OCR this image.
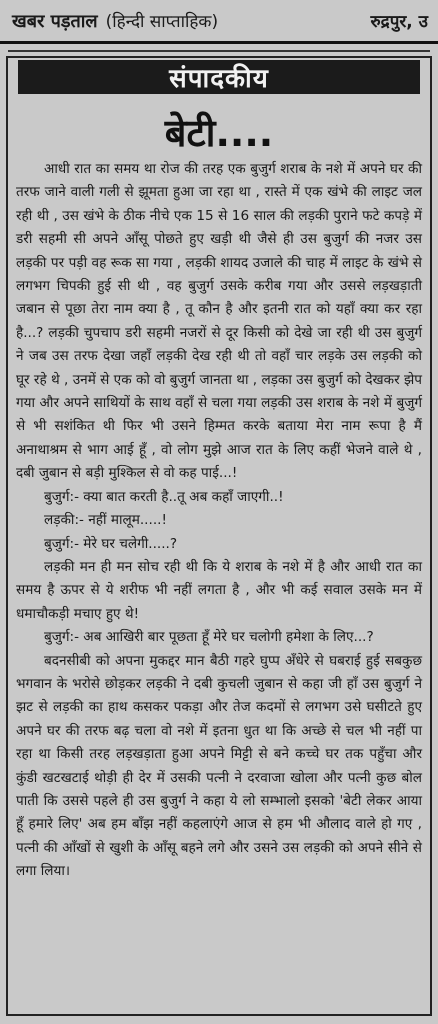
खबर पड़ताल (हिन्दी साप्ताहिक)	रुद्रपुर, उ
संपादकीय
बेटी....

आधी रात का समय था रोज की तरह एक बुजुर्ग शराब के नशे में अपने घर की तरफ जाने वाली गली से झूमता हुआ जा रहा था , रास्ते में एक खंभे की लाइट जल रही थी , उस खंभे के ठीक नीचे एक 15 से 16 साल की लड़की पुराने फटे कपड़े में डरी सहमी सी अपने आँसू पोछते हुए खड़ी थी जैसे ही उस बुजुर्ग की नजर उस लड़की पर पड़ी वह रूक सा गया , लड़की शायद उजाले की चाह में लाइट के खंभे से लगभग चिपकी हुई सी थी , वह बुजुर्ग उसके करीब गया और उससे लड़खड़ाती जबान से पूछा तेरा नाम क्या है , तू कौन है और इतनी रात को यहाँ क्या कर रहा है...? लड़की चुपचाप डरी सहमी नजरों से दूर किसी को देखे जा रही थी उस बुजुर्ग ने जब उस तरफ देखा जहाँ लड़की देख रही थी तो वहाँ चार लड़के उस लड़की को घूर रहे थे , उनमें से एक को वो बुजुर्ग जानता था , लड़का उस बुजुर्ग को देखकर झेप गया और अपने साथियों के साथ वहाँ से चला गया लड़की उस शराब के नशे में बुजुर्ग से भी सशंकित थी फिर भी उसने हिम्मत करके बताया मेरा नाम रूपा है मैं अनाथाश्रम से भाग आई हूँ , वो लोग मुझे आज रात के लिए कहीं भेजने वाले थे , दबी जुबान से बड़ी मुश्किल से वो कह पाई...!

बुजुर्ग:- क्या बात करती है..तू अब कहाँ जाएगी..!

लड़की:- नहीं मालूम.....!

बुजुर्ग:- मेरे घर चलेगी.....?

लड़की मन ही मन सोच रही थी कि ये शराब के नशे में है और आधी रात का समय है ऊपर से ये शरीफ भी नहीं लगता है , और भी कई सवाल उसके मन में धमाचौकड़ी मचाए हुए थे!

बुजुर्ग:- अब आखिरी बार पूछता हूँ मेरे घर चलोगी हमेशा के लिए...?

बदनसीबी को अपना मुकद्दर मान बैठी गहरे घुप्प अँधेरे से घबराई हुई सबकुछ भगवान के भरोसे छोड़कर लड़की ने दबी कुचली जुबान से कहा जी हाँ उस बुजुर्ग ने झट से लड़की का हाथ कसकर पकड़ा और तेज कदमों से लगभग उसे घसीटते हुए अपने घर की तरफ बढ़ चला वो नशे में इतना धुत था कि अच्छे से चल भी नहीं पा रहा था किसी तरह लड़खड़ाता हुआ अपने मिट्टी से बने कच्चे घर तक पहुँचा और कुंडी खटखटाई थोड़ी ही देर में उसकी पत्नी ने दरवाजा खोला और पत्नी कुछ बोल पाती कि उससे पहले ही उस बुजुर्ग ने कहा ये लो सम्भालो इसको 'बेटी लेकर आया हूँ हमारे लिए' अब हम बाँझ नहीं कहलाएंगे आज से हम भी औलाद वाले हो गए , पत्नी की आँखों से खुशी के आँसू बहने लगे और उसने उस लड़की को अपने सीने से लगा लिया।
